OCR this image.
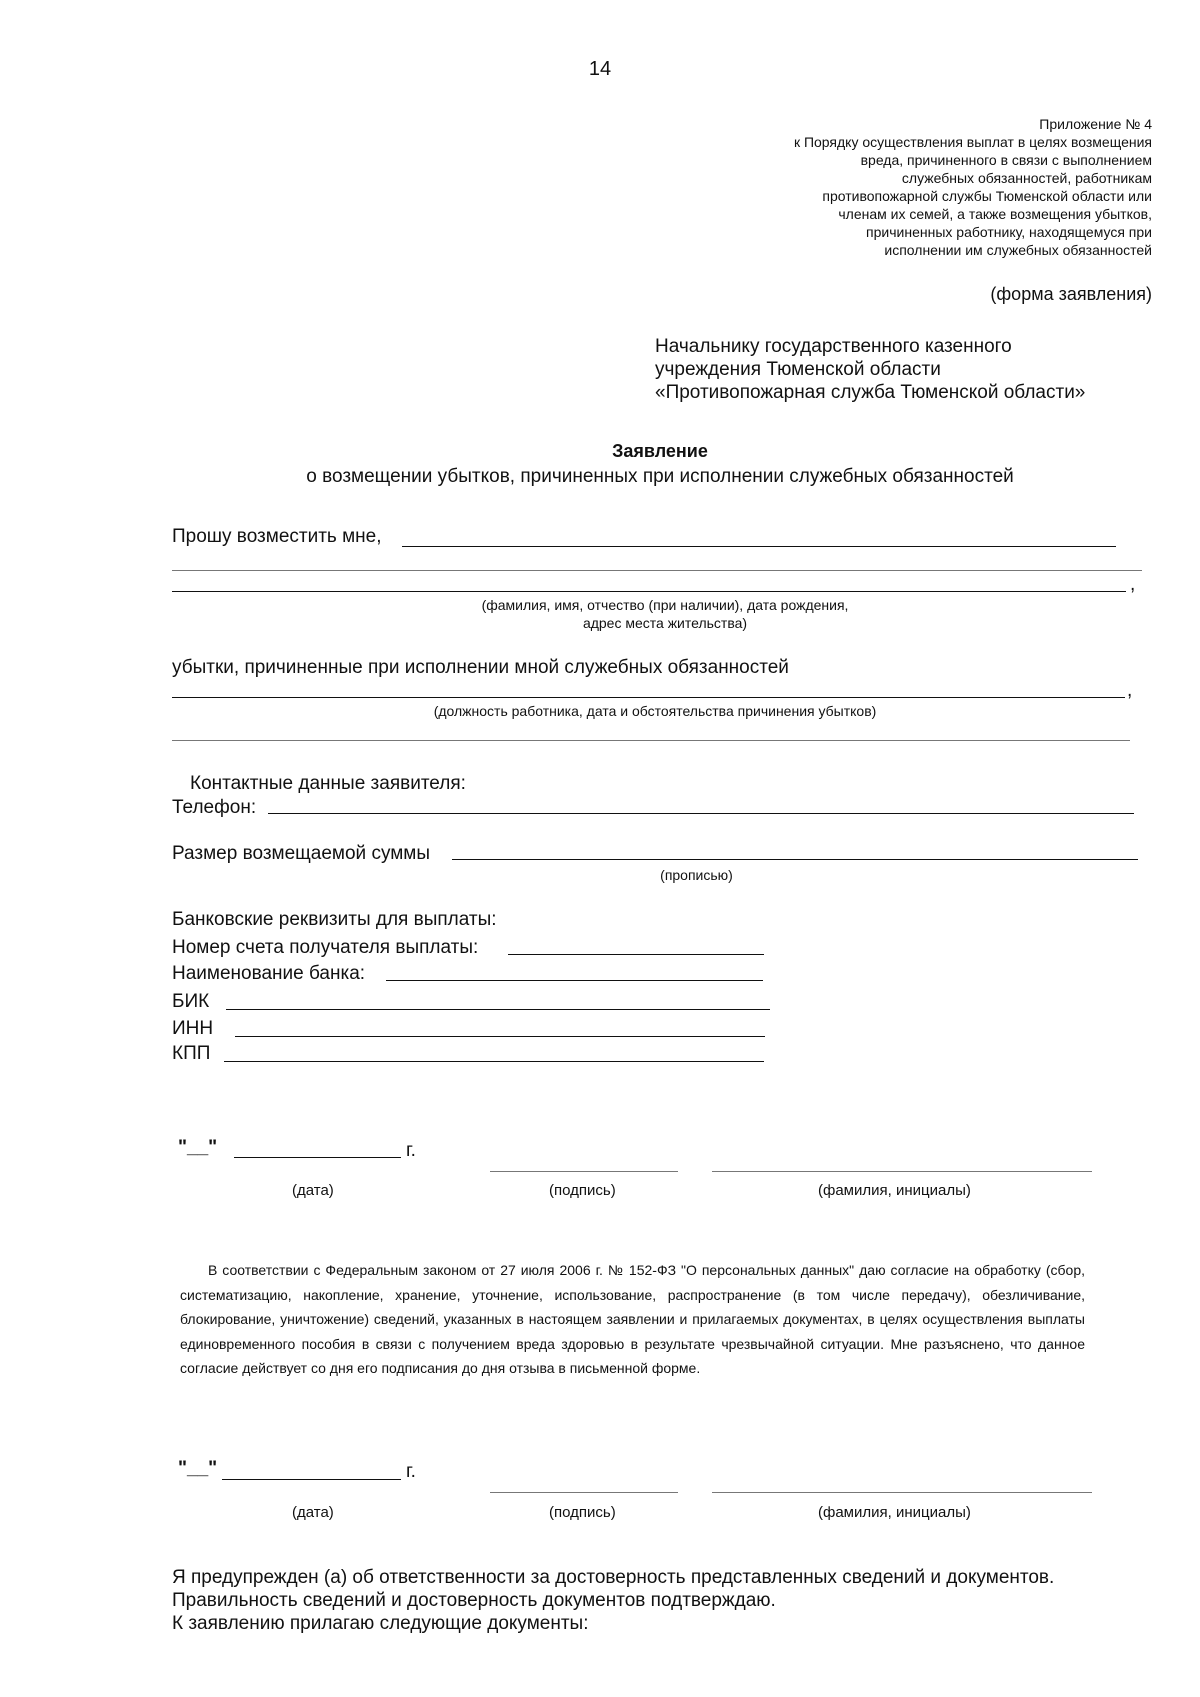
14
Приложение № 4
к Порядку осуществления выплат в целях возмещения
вреда, причиненного в связи с выполнением
служебных обязанностей, работникам
противопожарной службы Тюменской области или
членам их семей, а также возмещения убытков,
причиненных работнику, находящемуся при
исполнении им служебных обязанностей
(форма заявления)
Начальнику государственного казенного
учреждения Тюменской области
«Противопожарная служба Тюменской области»
Заявление
о возмещении убытков, причиненных при исполнении служебных обязанностей
Прошу возместить мне,
,
(фамилия, имя, отчество (при наличии), дата рождения,
адрес места жительства)
убытки, причиненные при исполнении мной служебных обязанностей
,
(должность работника, дата и обстоятельства причинения убытков)
Контактные данные заявителя:
Телефон:
Размер возмещаемой суммы
(прописью)
Банковские реквизиты для выплаты:
Номер счета получателя выплаты:
Наименование банка:
БИК
ИНН
КПП
"__"	г.
(дата)	(подпись)	(фамилия, инициалы)
В соответствии с Федеральным законом от 27 июля 2006 г. № 152-ФЗ "О персональных данных" даю согласие на обработку (сбор, систематизацию, накопление, хранение, уточнение, использование, распространение (в том числе передачу), обезличивание, блокирование, уничтожение) сведений, указанных в настоящем заявлении и прилагаемых документах, в целях осуществления выплаты единовременного пособия в связи с получением вреда здоровью в результате чрезвычайной ситуации. Мне разъяснено, что данное согласие действует со дня его подписания до дня отзыва в письменной форме.
"__"	г.
(дата)	(подпись)	(фамилия, инициалы)
Я предупрежден (а) об ответственности за достоверность представленных сведений и документов.
Правильность сведений и достоверность документов подтверждаю.
К заявлению прилагаю следующие документы:
